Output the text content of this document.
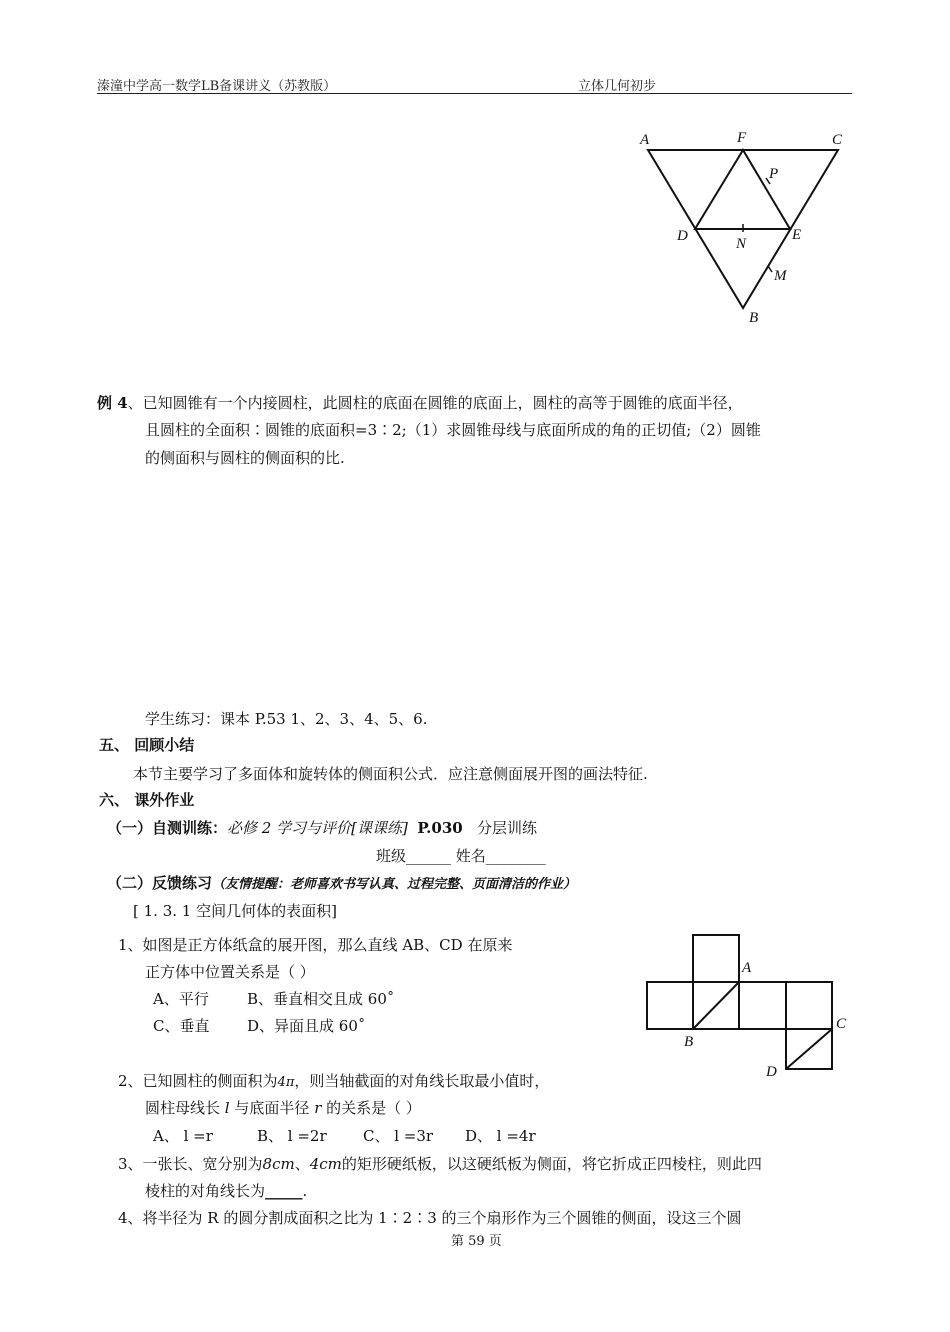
溱潼中学高一数学LB备课讲义（苏教版）	立体几何初步
A	F	C
P
D	N
E
M
B
例 4、已知圆锥有一个内接圆柱，此圆柱的底面在圆锥的底面上，圆柱的高等于圆锥的底面半径，
且圆柱的全面积∶圆锥的底面积=3∶2;（1）求圆锥母线与底面所成的角的正切值;（2）圆锥
的侧面积与圆柱的侧面积的比.
学生练习：课本 P.53 1、2、3、4、5、6.
五、 回顾小结
本节主要学习了多面体和旋转体的侧面积公式．应注意侧面展开图的画法特征.
六、 课外作业
（一）自测训练：必修 2 学习与评价[课课练] P.030 分层训练
班级______ 姓名________
（二）反馈练习（友情提醒：老师喜欢书写认真、过程完整、页面清洁的作业）
[ 1. 3. 1 空间几何体的表面积]
1、如图是正方体纸盒的展开图，那么直线 AB、CD 在原来
正方体中位置关系是（ ）
A、平行	B、垂直相交且成 60˚
C、垂直	D、异面且成 60˚
A
B
C
D
2、已知圆柱的侧面积为4π，则当轴截面的对角线长取最小值时，
圆柱母线长 l 与底面半径 r 的关系是（ ）
A、 l =r	B、 l =2r C、 l =3r D、 l =4r
3、一张长、宽分别为8cm、4cm的矩形硬纸板，以这硬纸板为侧面，将它折成正四棱柱，则此四
棱柱的对角线长为_____.
4、将半径为 R 的圆分割成面积之比为 1∶2∶3 的三个扇形作为三个圆锥的侧面，设这三个圆
第 59 页
